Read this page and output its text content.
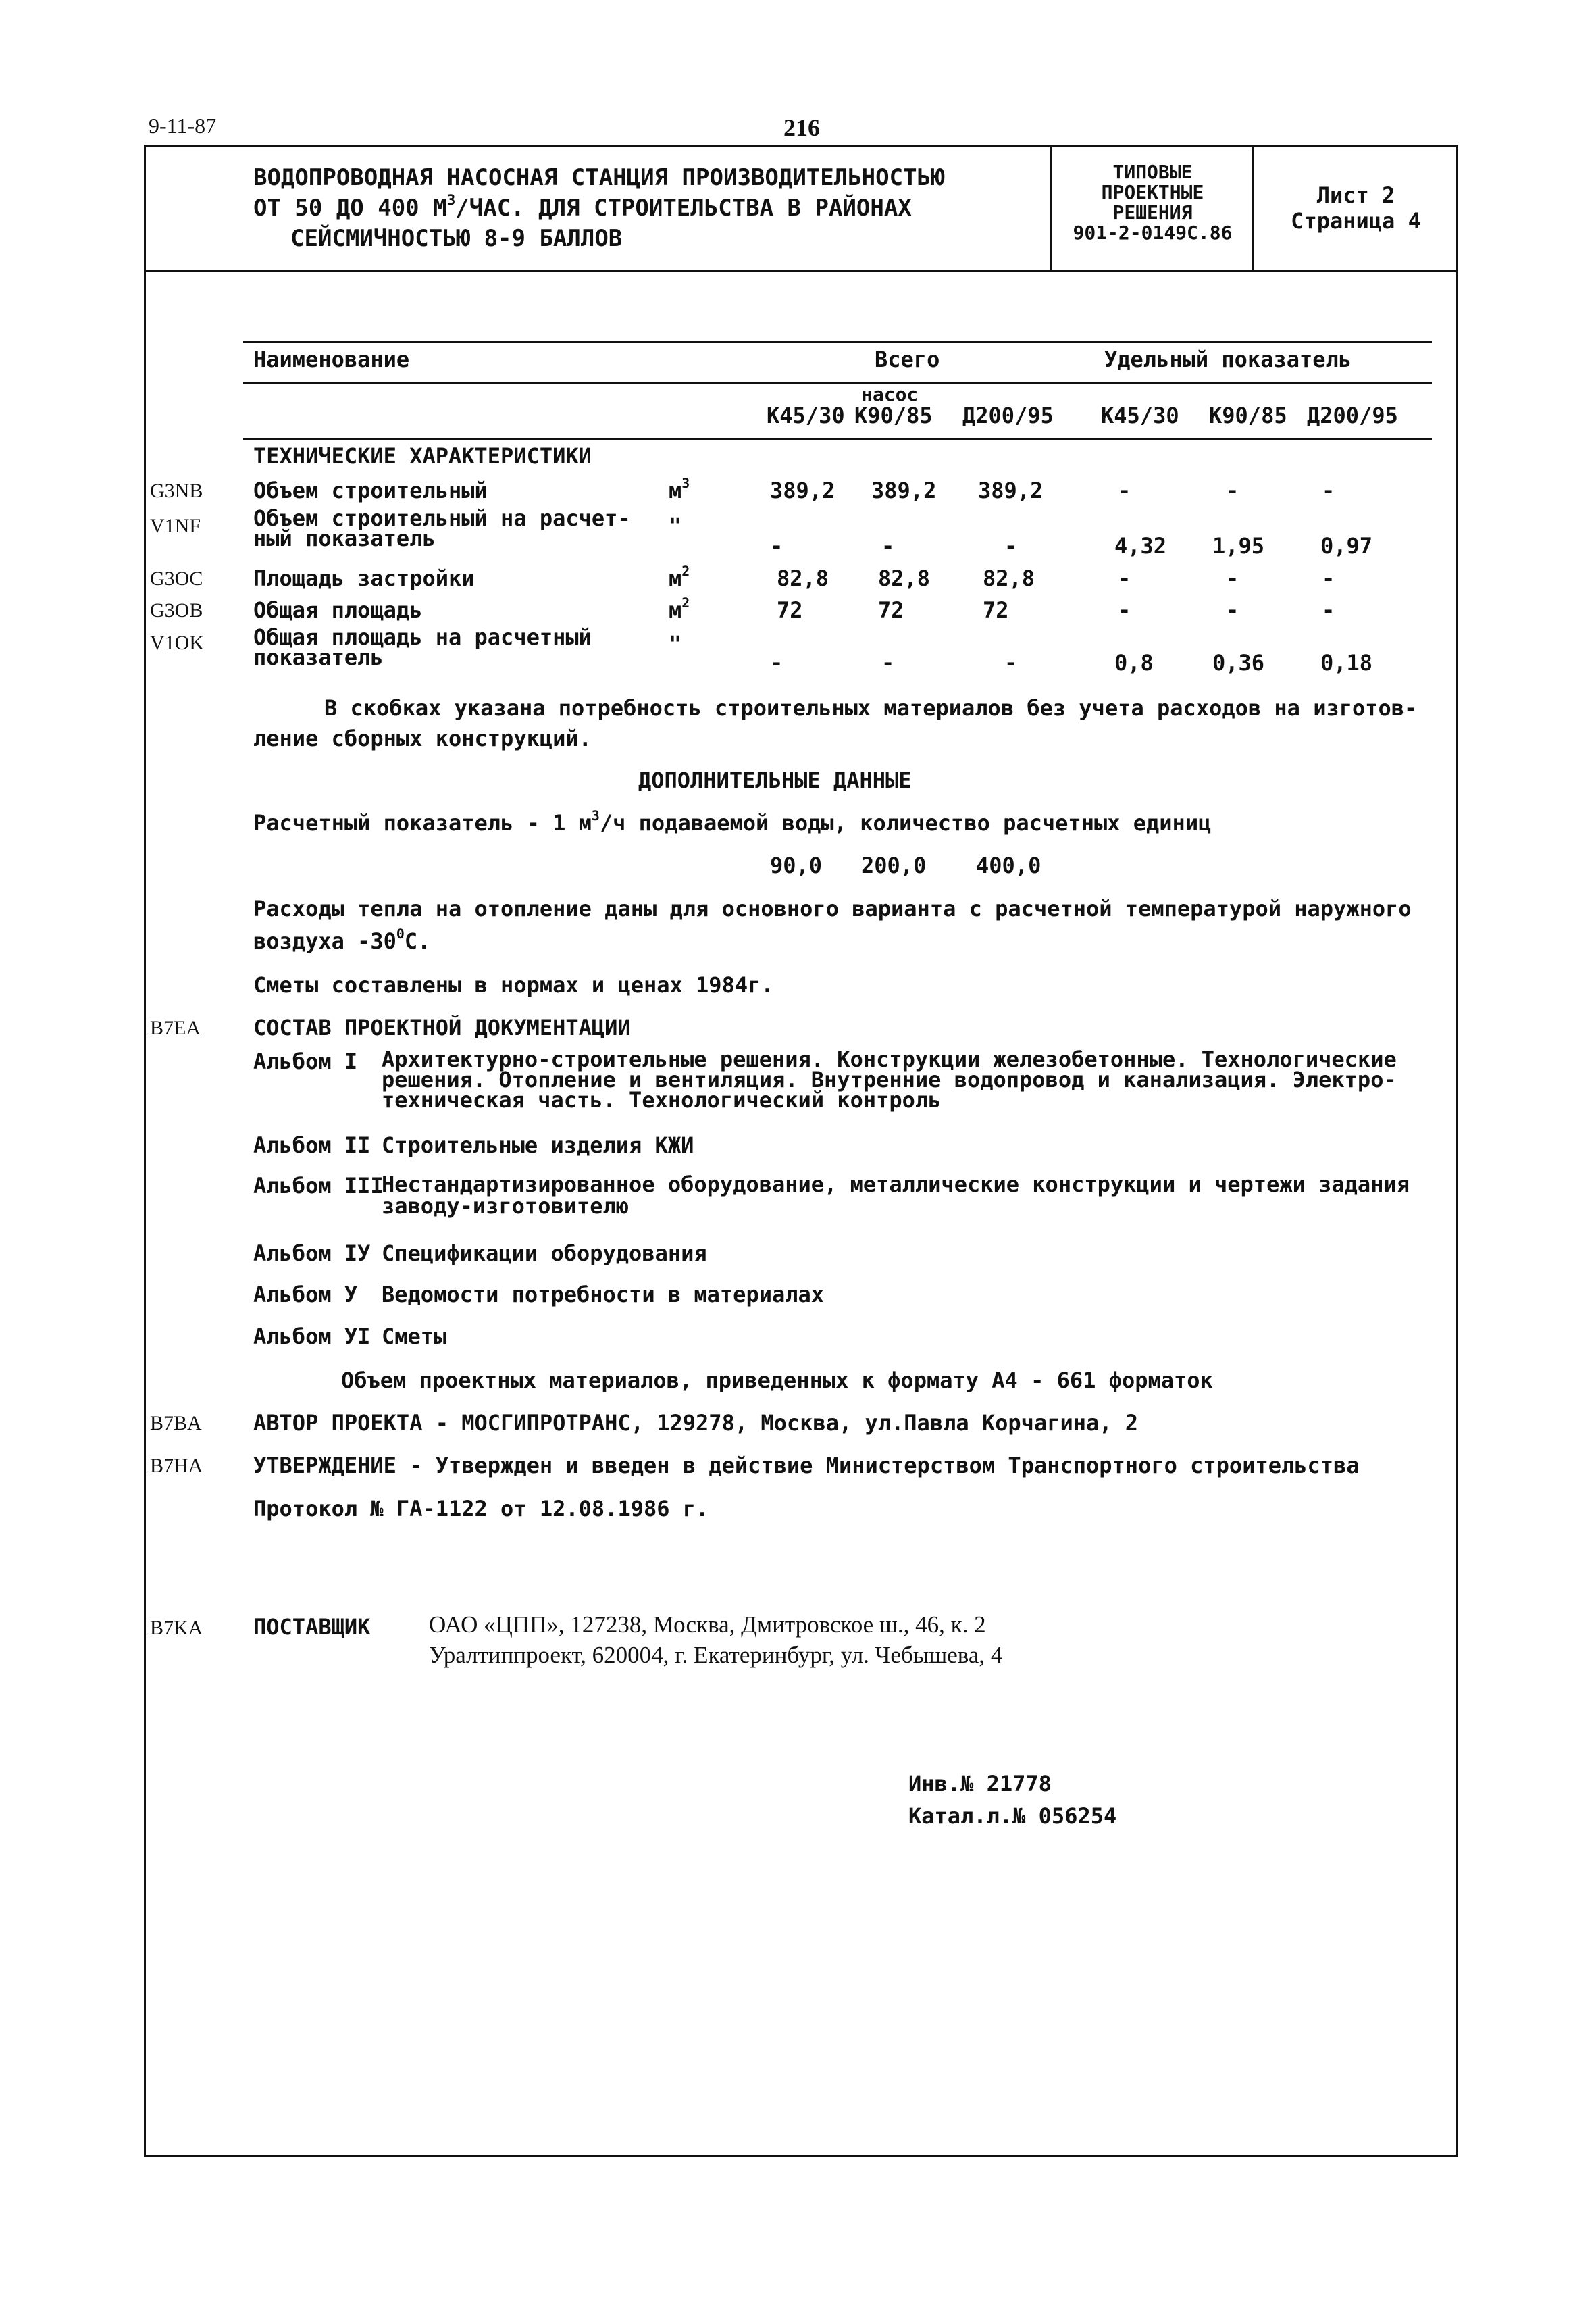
9-11-87	216
ВОДОПРОВОДНАЯ НАСОСНАЯ СТАНЦИЯ ПРОИЗВОДИТЕЛЬНОСТЬЮ
ОТ 50 ДО 400 $М^3$/ЧАС. ДЛЯ СТРОИТЕЛЬСТВА В РАЙОНАХ
СЕЙСМИЧНОСТЬЮ 8-9 БАЛЛОВ
ТИПОВЫЕ
ПРОЕКТНЫЕ
РЕШЕНИЯ
901-2-0149С.86
Лист 2
Страница 4
Наименование	Всего	Удельный показатель
насос
К45/30 К90/85 Д200/95 К45/30 К90/85 Д200/95
ТЕХНИЧЕСКИЕ ХАРАКТЕРИСТИКИ
G3NB Объем строительный	$м^3$	389,2 389,2 389,2	-	-	-
V1NF Объем строительный на расчет-
ный показатель	"
-	-	-	4,32 1,95	0,97
G3OC Площадь застройки	$м^2$	82,8 82,8 82,8	-	-	-
G3OB Общая площадь	$м^2$	72	72	72	-	-	-
V1OK Общая площадь на расчетный
показатель
"
-	-	-	0,8	0,36	0,18
В скобках указана потребность строительных материалов без учета расходов на изготов-
ление сборных конструкций.
ДОПОЛНИТЕЛЬНЫЕ ДАННЫЕ
Расчетный показатель - 1 $м^3/ч$ подаваемой воды, количество расчетных единиц
90,0 200,0 400,0
Расходы тепла на отопление даны для основного варианта с расчетной температурой наружного
воздуха $-30^0С$.
Сметы составлены в нормах и ценах 1984г.
B7EA СОСТАВ ПРОЕКТНОЙ ДОКУМЕНТАЦИИ
Альбом I Архитектурно-строительные решения. Конструкции железобетонные. Технологические
решения. Отопление и вентиляция. Внутренние водопровод и канализация. Электро-
техническая часть. Технологический контроль
Альбом II Строительные изделия КЖИ
Альбом III
Нестандартизированное оборудование, металлические конструкции и чертежи задания
заводу-изготовителю
Альбом IУ Спецификации оборудования
Альбом У Ведомости потребности в материалах
Альбом УI Сметы
Объем проектных материалов, приведенных к формату А4 - 661 форматок
B7BA АВТОР ПРОЕКТА - МОСГИПРОТРАНС, 129278, Москва, ул.Павла Корчагина, 2
B7HA УТВЕРЖДЕНИЕ - Утвержден и введен в действие Министерством Транспортного строительства
Протокол № ГА-1122 от 12.08.1986 г.
B7KA ПОСТАВЩИК ОАО «ЦПП», 127238, Москва, Дмитровское ш., 46, к. 2
Уралтиппроект, 620004, г. Екатеринбург, ул. Чебышева, 4
Инв.№ 21778
Катал.л.№ 056254
